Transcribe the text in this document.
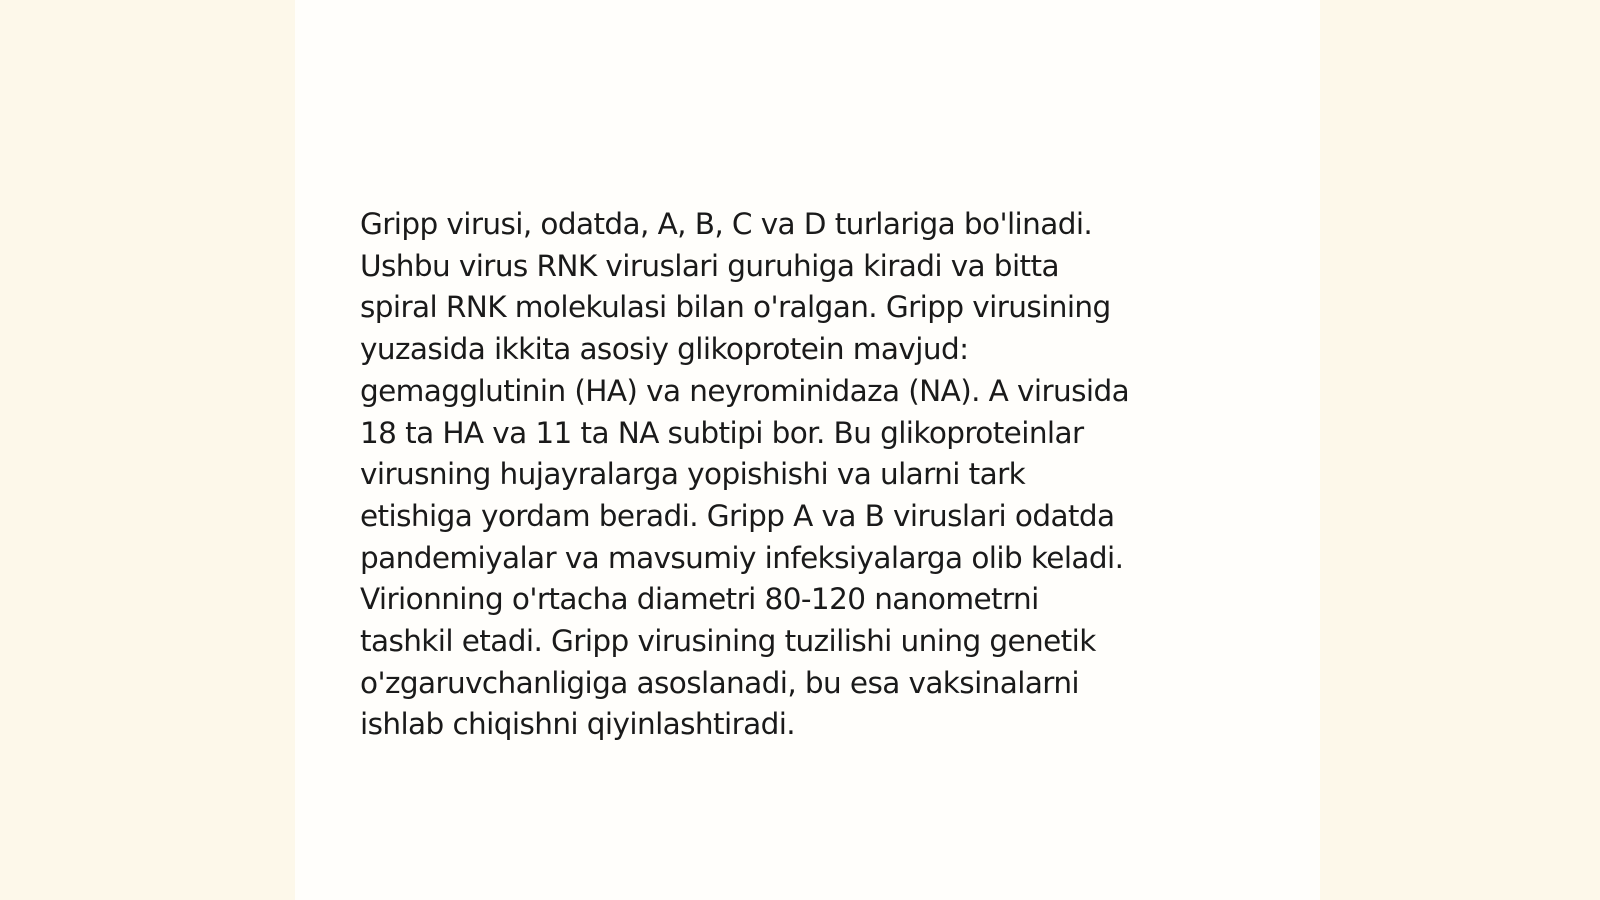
Gripp virusi, odatda, A, B, C va D turlariga bo'linadi.
Ushbu virus RNK viruslari guruhiga kiradi va bitta
spiral RNK molekulasi bilan o'ralgan. Gripp virusining
yuzasida ikkita asosiy glikoprotein mavjud:
gemagglutinin (HA) va neyrominidaza (NA). A virusida
18 ta HA va 11 ta NA subtipi bor. Bu glikoproteinlar
virusning hujayralarga yopishishi va ularni tark
etishiga yordam beradi. Gripp A va B viruslari odatda
pandemiyalar va mavsumiy infeksiyalarga olib keladi.
Virionning o'rtacha diametri 80-120 nanometrni
tashkil etadi. Gripp virusining tuzilishi uning genetik
o'zgaruvchanligiga asoslanadi, bu esa vaksinalarni
ishlab chiqishni qiyinlashtiradi.
